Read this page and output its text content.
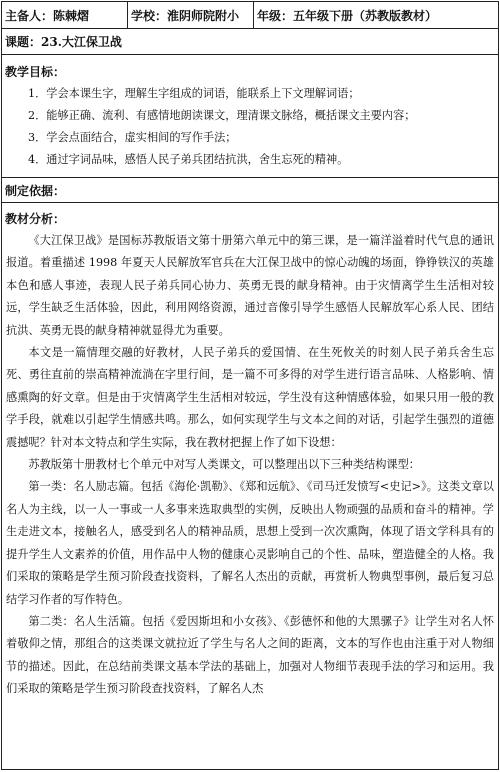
主备人： 陈棘熠	学校： 淮阴师院附小 年级： 五年级下册（苏教版教材）
课题：23.大江保卫战
教学目标：
1．学会本课生字，理解生字组成的词语，能联系上下文理解词语；
2．能够正确、流利、有感情地朗读课文，理清课文脉络，概括课文主要内容；
3．学会点面结合，虚实相间的写作手法；
4．通过字词品味，感悟人民子弟兵团结抗洪，舍生忘死的精神。
制定依据：
教材分析：
《大江保卫战》是国标苏教版语文第十册第六单元中的第三课，是一篇洋溢着时代气息的通讯报道。着重描述 1998 年夏天人民解放军官兵在大江保卫战中的惊心动魄的场面，铮铮铁汉的英雄本色和感人事迹，表现人民子弟兵同心协力、英勇无畏的献身精神。由于灾情离学生生活相对较远，学生缺乏生活体验，因此，利用网络资源，通过音像引导学生感悟人民解放军心系人民、团结抗洪、英勇无畏的献身精神就显得尤为重要。
本文是一篇情理交融的好教材，人民子弟兵的爱国情、在生死攸关的时刻人民子弟兵舍生忘死、勇往直前的崇高精神流淌在字里行间，是一篇不可多得的对学生进行语言品味、人格影响、情感熏陶的好文章。但是由于灾情离学生生活相对较远，学生没有这种情感体验，如果只用一般的教学手段，就难以引起学生情感共鸣。那么，如何实现学生与文本之间的对话，引起学生强烈的道德震撼呢？针对本文特点和学生实际，我在教材把握上作了如下设想：
苏教版第十册教材七个单元中对写人类课文，可以整理出以下三种类结构课型：
第一类：名人励志篇。包括《海伦·凯勒》、《郑和远航》、《司马迁发愤写<史记>》。这类文章以名人为主线，以一人一事或一人多事来选取典型的实例，反映出人物顽强的品质和奋斗的精神。学生走进文本，接触名人，感受到名人的精神品质，思想上受到一次次熏陶，体现了语文学科具有的提升学生人文素养的价值，用作品中人物的健康心灵影响自己的个性、品味，塑造健全的人格。我们采取的策略是学生预习阶段查找资料，了解名人杰出的贡献，再赏析人物典型事例，最后复习总结学习作者的写作特色。
第二类：名人生活篇。包括《爱因斯坦和小女孩》、《彭德怀和他的大黑骡子》让学生对名人怀着敬仰之情，那组合的这类课文就拉近了学生与名人之间的距离，文本的写作也由注重于对人物细节的描述。因此，在总结前类课文基本学法的基础上，加强对人物细节表现手法的学习和运用。我们采取的策略是学生预习阶段查找资料，了解名人杰
